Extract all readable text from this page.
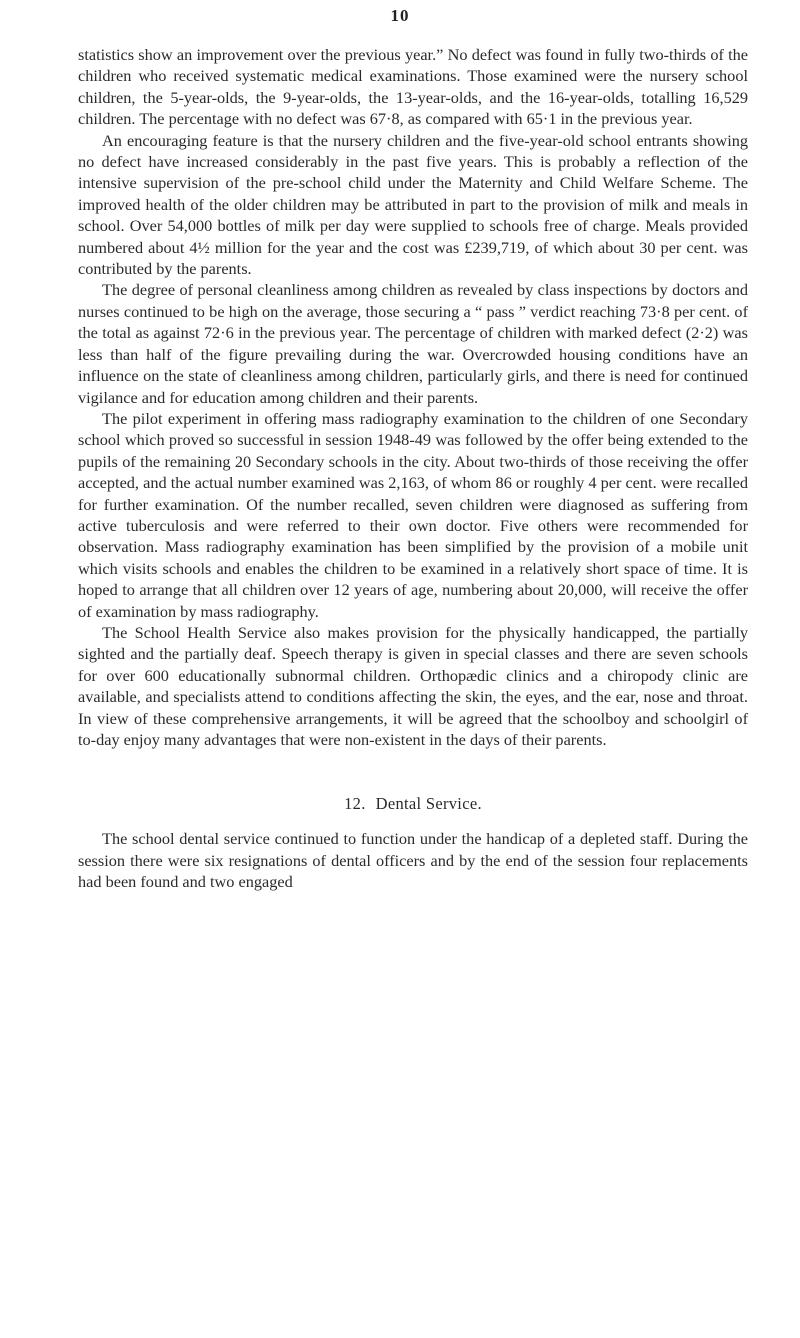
10

statistics show an improvement over the previous year.” No defect was found in fully two-thirds of the children who received systematic medical examinations. Those examined were the nursery school children, the 5-year-olds, the 9-year-olds, the 13-year-olds, and the 16-year-olds, totalling 16,529 children. The percentage with no defect was 67·8, as compared with 65·1 in the previous year.

An encouraging feature is that the nursery children and the five-year-old school entrants showing no defect have increased considerably in the past five years. This is probably a reflection of the intensive supervision of the pre-school child under the Maternity and Child Welfare Scheme. The improved health of the older children may be attributed in part to the provision of milk and meals in school. Over 54,000 bottles of milk per day were supplied to schools free of charge. Meals provided numbered about 4½ million for the year and the cost was £239,719, of which about 30 per cent. was contributed by the parents.

The degree of personal cleanliness among children as revealed by class inspections by doctors and nurses continued to be high on the average, those securing a “ pass ” verdict reaching 73·8 per cent. of the total as against 72·6 in the previous year. The percentage of children with marked defect (2·2) was less than half of the figure prevailing during the war. Overcrowded housing conditions have an influence on the state of cleanliness among children, particularly girls, and there is need for continued vigilance and for education among children and their parents.

The pilot experiment in offering mass radiography examination to the children of one Secondary school which proved so successful in session 1948-49 was followed by the offer being extended to the pupils of the remaining 20 Secondary schools in the city. About two-thirds of those receiving the offer accepted, and the actual number examined was 2,163, of whom 86 or roughly 4 per cent. were recalled for further examination. Of the number recalled, seven children were diagnosed as suffering from active tuberculosis and were referred to their own doctor. Five others were recommended for observation. Mass radiography examination has been simplified by the provision of a mobile unit which visits schools and enables the children to be examined in a relatively short space of time. It is hoped to arrange that all children over 12 years of age, numbering about 20,000, will receive the offer of examination by mass radiography.

The School Health Service also makes provision for the physically handicapped, the partially sighted and the partially deaf. Speech therapy is given in special classes and there are seven schools for over 600 educationally subnormal children. Orthopædic clinics and a chiropody clinic are available, and specialists attend to conditions affecting the skin, the eyes, and the ear, nose and throat. In view of these comprehensive arrangements, it will be agreed that the schoolboy and schoolgirl of to-day enjoy many advantages that were non-existent in the days of their parents.

12. Dental Service.

The school dental service continued to function under the handicap of a depleted staff. During the session there were six resignations of dental officers and by the end of the session four replacements had been found and two engaged
